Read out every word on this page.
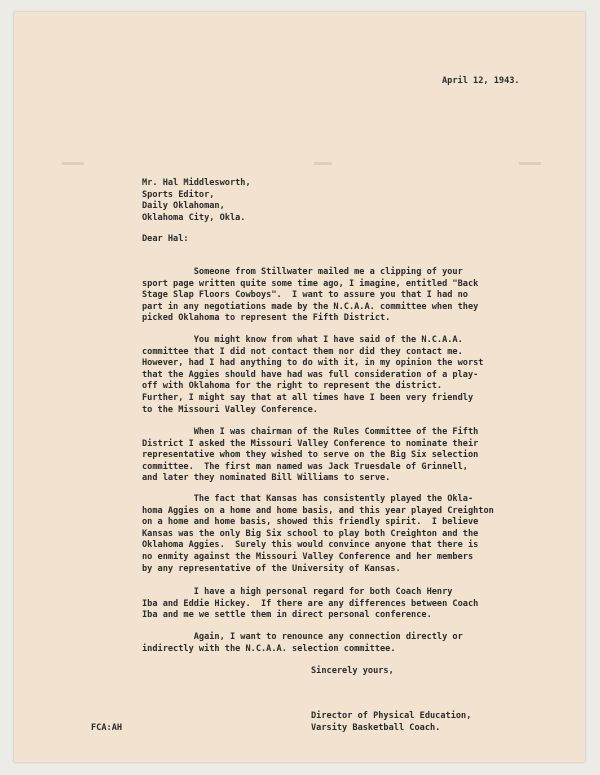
April 12, 1943.

Mr. Hal Middlesworth,

Sports Editor,

Daily Oklahoman,

Oklahoma City, Okla.

Dear Hal:

Someone from Stillwater mailed me a clipping of your

sport page written quite some time ago, I imagine, entitled "Back

Stage Slap Floors Cowboys".  I want to assure you that I had no

part in any negotiations made by the N.C.A.A. committee when they

picked Oklahoma to represent the Fifth District.

You might know from what I have said of the N.C.A.A.

committee that I did not contact them nor did they contact me.

However, had I had anything to do with it, in my opinion the worst

that the Aggies should have had was full consideration of a play-

off with Oklahoma for the right to represent the district.

Further, I might say that at all times have I been very friendly

to the Missouri Valley Conference.

When I was chairman of the Rules Committee of the Fifth

District I asked the Missouri Valley Conference to nominate their

representative whom they wished to serve on the Big Six selection

committee.  The first man named was Jack Truesdale of Grinnell,

and later they nominated Bill Williams to serve.

The fact that Kansas has consistently played the Okla-

homa Aggies on a home and home basis, and this year played Creighton

on a home and home basis, showed this friendly spirit.  I believe

Kansas was the only Big Six school to play both Creighton and the

Oklahoma Aggies.  Surely this would convince anyone that there is

no enmity against the Missouri Valley Conference and her members

by any representative of the University of Kansas.

I have a high personal regard for both Coach Henry

Iba and Eddie Hickey.  If there are any differences between Coach

Iba and me we settle them in direct personal conference.

Again, I want to renounce any connection directly or

indirectly with the N.C.A.A. selection committee.

Sincerely yours,

Director of Physical Education,

Varsity Basketball Coach.

FCA:AH
